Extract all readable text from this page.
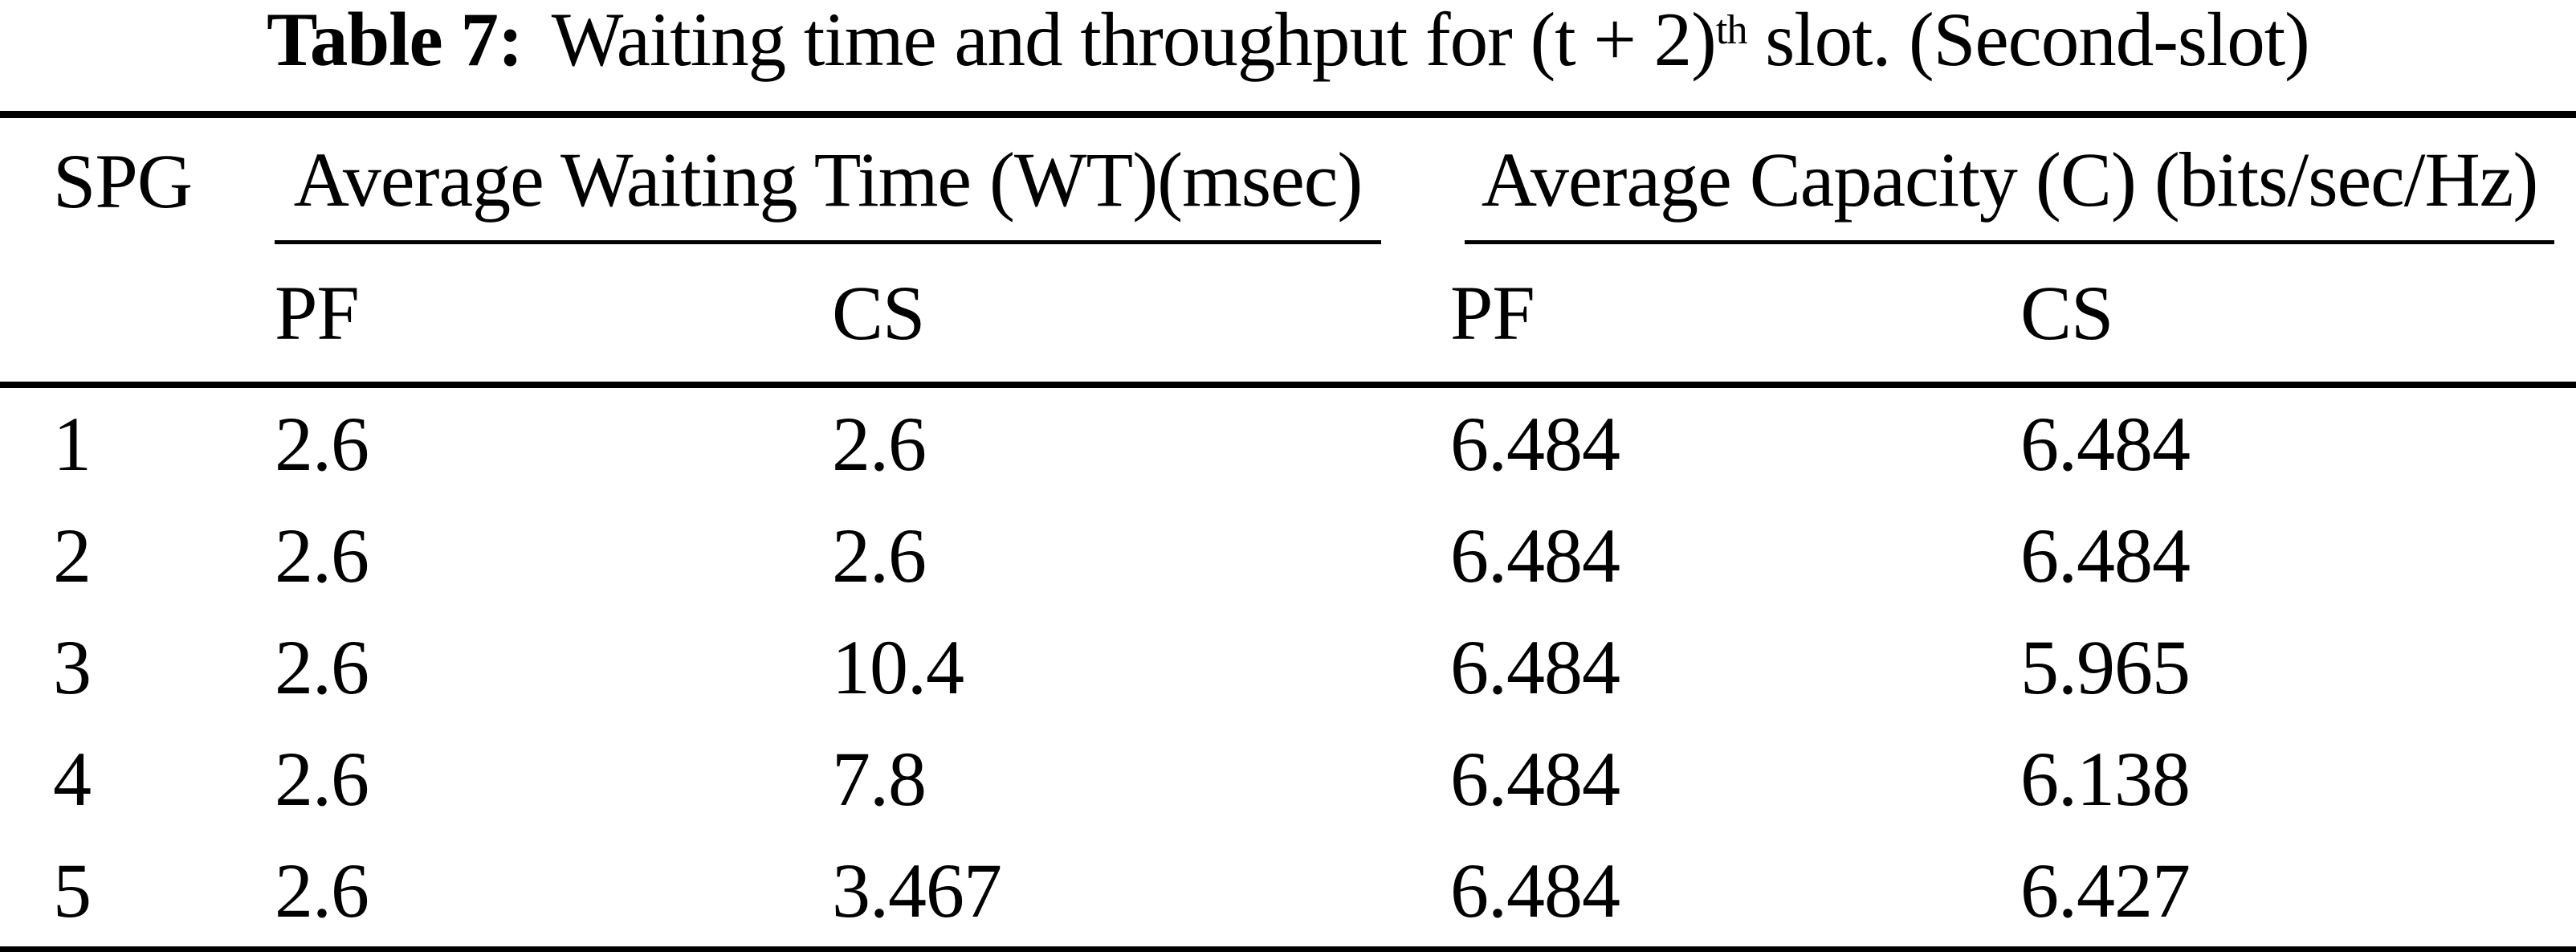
Table 7: Waiting time and throughput for $(t + 2)^{th}$ slot. (Second-slot)
SPG	Average Waiting Time (WT)(msec)		Average Capacity (C) (bits/sec/Hz)	

	PF	CS	PF	CS
1	2.6	2.6	6.484	6.484
2	2.6	2.6	6.484	6.484
3	2.6	10.4	6.484	5.965
4	2.6	7.8	6.484	6.138
5	2.6	3.467	6.484	6.427
